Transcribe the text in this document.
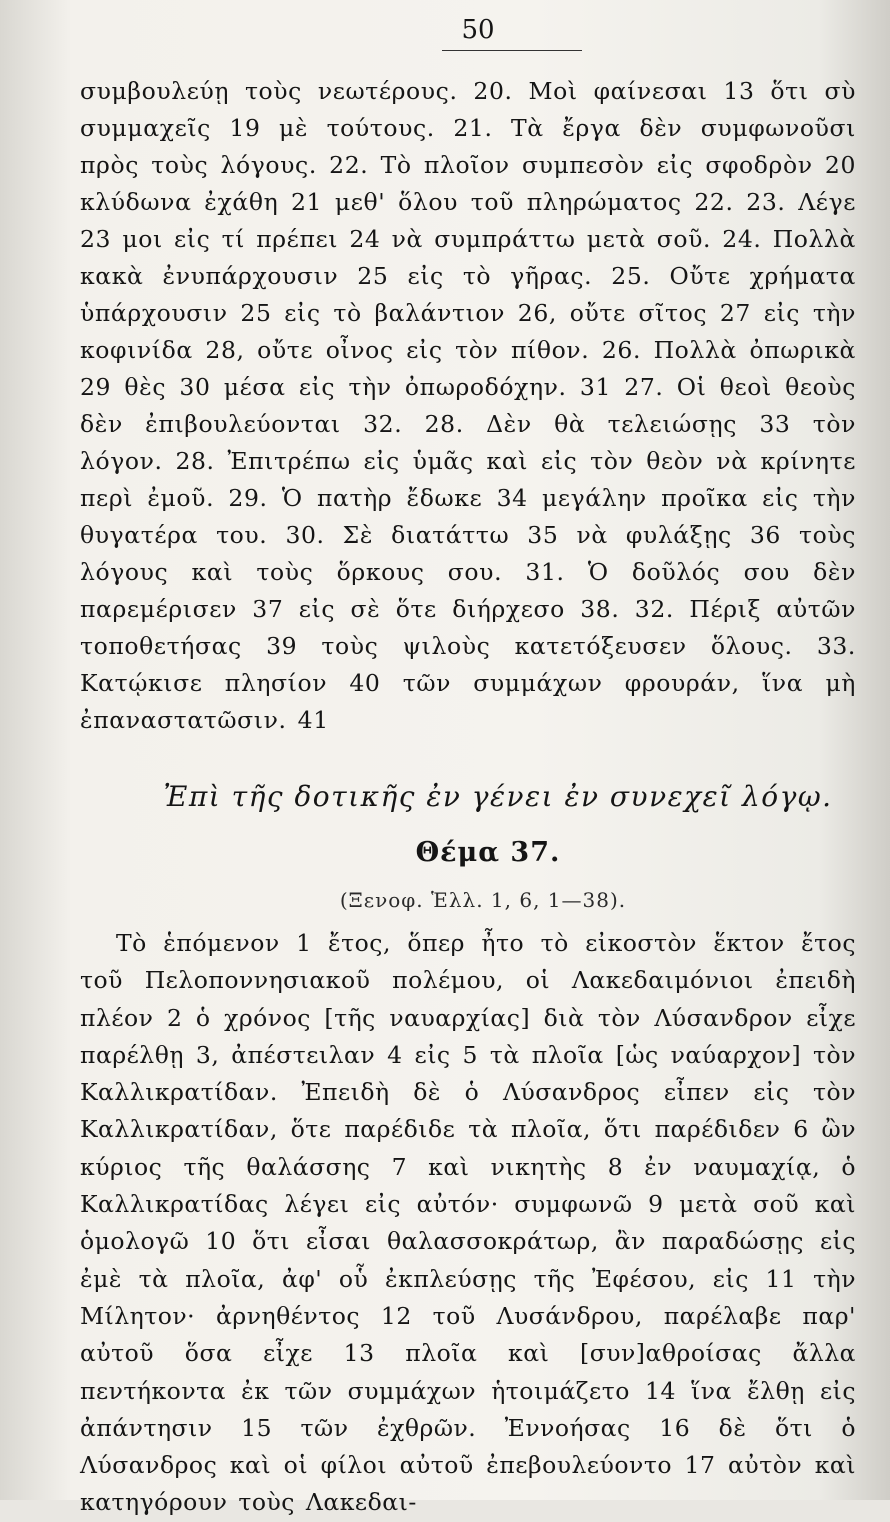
50

συμβουλεύῃ τοὺς νεωτέρους. 20. Μοὶ φαίνεσαι 13 ὅτι σὺ συμμαχεῖς 19 μὲ τούτους. 21. Τὰ ἔργα δὲν συμφωνοῦσι πρὸς τοὺς λόγους. 22. Τὸ πλοῖον συμπεσὸν εἰς σφοδρὸν 20 κλύδωνα ἐχάθη 21 μεθ' ὅλου τοῦ πληρώματος 22. 23. Λέγε 23 μοι εἰς τί πρέπει 24 νὰ συμπράττω μετὰ σοῦ. 24. Πολλὰ κακὰ ἐνυπάρχουσιν 25 εἰς τὸ γῆρας. 25. Οὔτε χρήματα ὑπάρχουσιν 25 εἰς τὸ βαλάντιον 26, οὔτε σῖτος 27 εἰς τὴν κοφινίδα 28, οὔτε οἶνος εἰς τὸν πίθον. 26. Πολλὰ ὀπωρικὰ 29 θὲς 30 μέσα εἰς τὴν ὀπωροδόχην. 31 27. Οἱ θεοὶ θεοὺς δὲν ἐπιβουλεύονται 32. 28. Δὲν θὰ τελειώσῃς 33 τὸν λόγον. 28. Ἐπιτρέπω εἰς ὑμᾶς καὶ εἰς τὸν θεὸν νὰ κρίνητε περὶ ἐμοῦ. 29. Ὁ πατὴρ ἔδωκε 34 μεγάλην προῖκα εἰς τὴν θυγατέρα του. 30. Σὲ διατάττω 35 νὰ φυλάξῃς 36 τοὺς λόγους καὶ τοὺς ὅρκους σου. 31. Ὁ δοῦλός σου δὲν παρεμέρισεν 37 εἰς σὲ ὅτε διήρχεσο 38. 32. Πέριξ αὐτῶν τοποθετήσας 39 τοὺς ψιλοὺς κατετόξευσεν ὅλους. 33. Κατῴκισε πλησίον 40 τῶν συμμάχων φρουράν, ἵνα μὴ ἐπαναστατῶσιν. 41

Ἐπὶ τῆς δοτικῆς ἐν γένει ἐν συνεχεῖ λόγῳ.
Θέμα 37.
(Ξενοφ. Ἑλλ. 1, 6, 1—38).

Τὸ ἑπόμενον 1 ἔτος, ὅπερ ἦτο τὸ εἰκοστὸν ἕκτον ἔτος τοῦ Πελοποννησιακοῦ πολέμου, οἱ Λακεδαιμόνιοι ἐπειδὴ πλέον 2 ὁ χρόνος [τῆς ναυαρχίας] διὰ τὸν Λύσανδρον εἶχε παρέλθῃ 3, ἀπέστειλαν 4 εἰς 5 τὰ πλοῖα [ὡς ναύαρχον] τὸν Καλλικρατίδαν. Ἐπειδὴ δὲ ὁ Λύσανδρος εἶπεν εἰς τὸν Καλλικρατίδαν, ὅτε παρέδιδε τὰ πλοῖα, ὅτι παρέδιδεν 6 ὢν κύριος τῆς θαλάσσης 7 καὶ νικητὴς 8 ἐν ναυμαχίᾳ, ὁ Καλλικρατίδας λέγει εἰς αὐτόν· συμφωνῶ 9 μετὰ σοῦ καὶ ὁμολογῶ 10 ὅτι εἶσαι θαλασσοκράτωρ, ἂν παραδώσῃς εἰς ἐμὲ τὰ πλοῖα, ἀφ' οὗ ἐκπλεύσῃς τῆς Ἐφέσου, εἰς 11 τὴν Μίλητον· ἀρνηθέντος 12 τοῦ Λυσάνδρου, παρέλαβε παρ' αὐτοῦ ὅσα εἶχε 13 πλοῖα καὶ [συν]αθροίσας ἄλλα πεντήκοντα ἐκ τῶν συμμάχων ἡτοιμάζετο 14 ἵνα ἔλθῃ εἰς ἀπάντησιν 15 τῶν ἐχθρῶν. Ἐννοήσας 16 δὲ ὅτι ὁ Λύσανδρος καὶ οἱ φίλοι αὐτοῦ ἐπεβουλεύοντο 17 αὐτὸν καὶ κατηγόρουν τοὺς Λακεδαι-
